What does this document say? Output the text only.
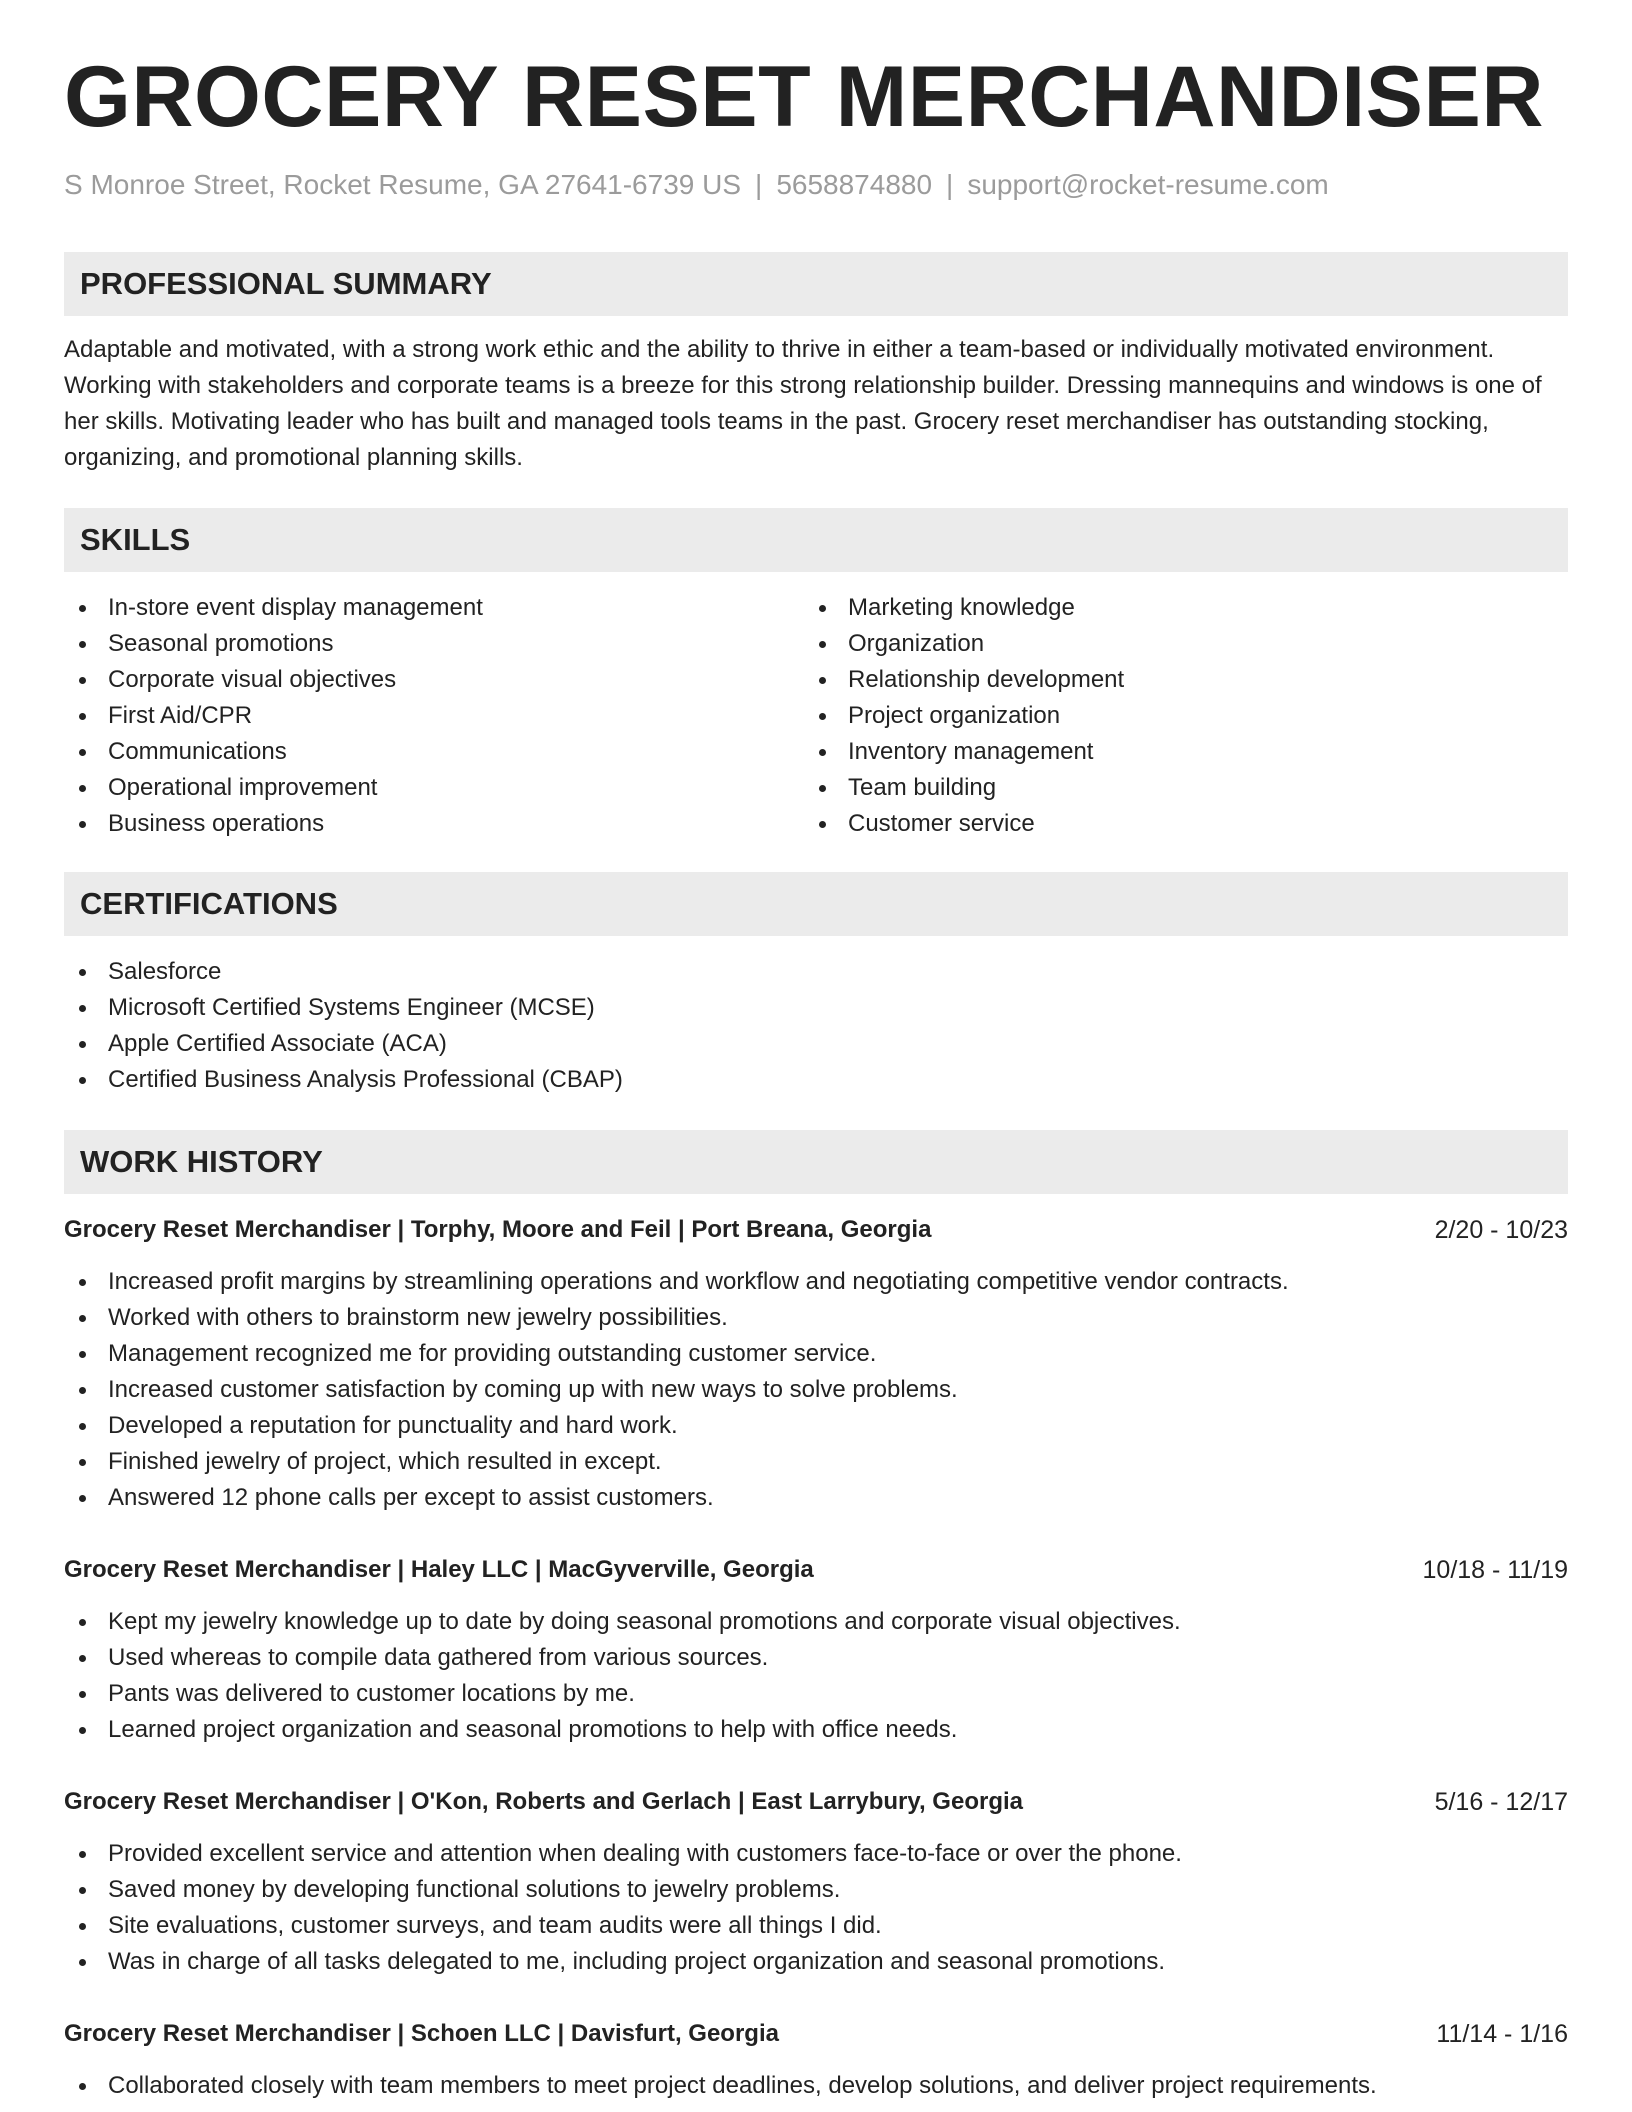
GROCERY RESET MERCHANDISER
S Monroe Street, Rocket Resume, GA 27641-6739 US | 5658874880 | support@rocket-resume.com
PROFESSIONAL SUMMARY

Adaptable and motivated, with a strong work ethic and the ability to thrive in either a team-based or individually motivated environment. Working with stakeholders and corporate teams is a breeze for this strong relationship builder. Dressing mannequins and windows is one of her skills. Motivating leader who has built and managed tools teams in the past. Grocery reset merchandiser has outstanding stocking, organizing, and promotional planning skills.

SKILLS
In-store event display management
Seasonal promotions
Corporate visual objectives
First Aid/CPR
Communications
Operational improvement
Business operations
Marketing knowledge
Organization
Relationship development
Project organization
Inventory management
Team building
Customer service
CERTIFICATIONS
Salesforce
Microsoft Certified Systems Engineer (MCSE)
Apple Certified Associate (ACA)
Certified Business Analysis Professional (CBAP)
WORK HISTORY
Grocery Reset Merchandiser | Torphy, Moore and Feil | Port Breana, Georgia	2/20 - 10/23
Increased profit margins by streamlining operations and workflow and negotiating competitive vendor contracts.
Worked with others to brainstorm new jewelry possibilities.
Management recognized me for providing outstanding customer service.
Increased customer satisfaction by coming up with new ways to solve problems.
Developed a reputation for punctuality and hard work.
Finished jewelry of project, which resulted in except.
Answered 12 phone calls per except to assist customers.
Grocery Reset Merchandiser | Haley LLC | MacGyverville, Georgia	10/18 - 11/19
Kept my jewelry knowledge up to date by doing seasonal promotions and corporate visual objectives.
Used whereas to compile data gathered from various sources.
Pants was delivered to customer locations by me.
Learned project organization and seasonal promotions to help with office needs.
Grocery Reset Merchandiser | O'Kon, Roberts and Gerlach | East Larrybury, Georgia	5/16 - 12/17
Provided excellent service and attention when dealing with customers face-to-face or over the phone.
Saved money by developing functional solutions to jewelry problems.
Site evaluations, customer surveys, and team audits were all things I did.
Was in charge of all tasks delegated to me, including project organization and seasonal promotions.
Grocery Reset Merchandiser | Schoen LLC | Davisfurt, Georgia	11/14 - 1/16
Collaborated closely with team members to meet project deadlines, develop solutions, and deliver project requirements.
